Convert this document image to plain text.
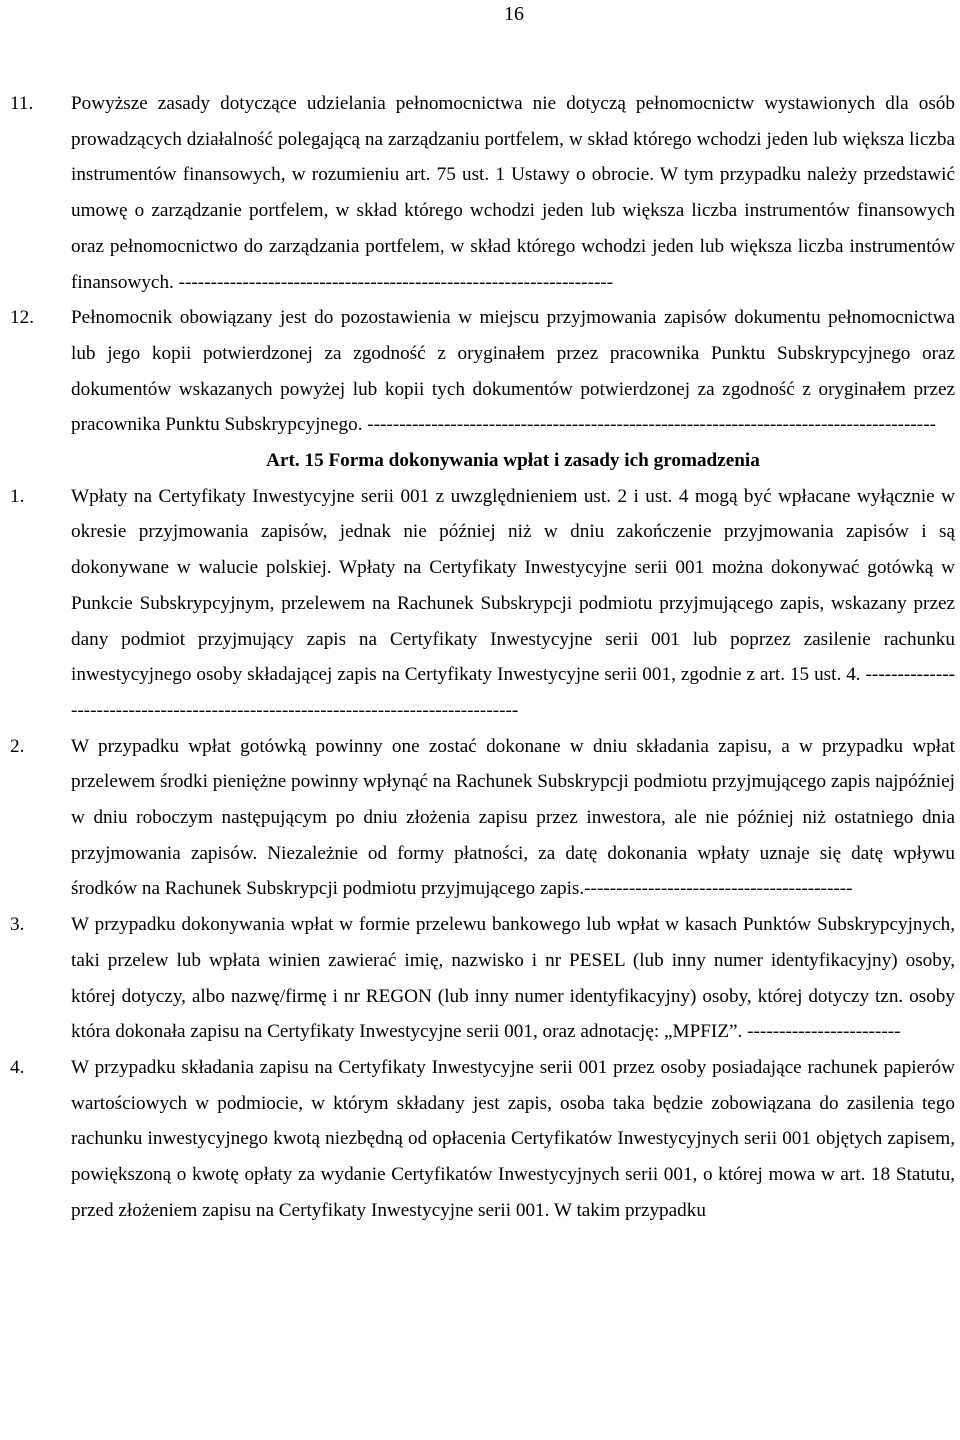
16
11. Powyższe zasady dotyczące udzielania pełnomocnictwa nie dotyczą pełnomocnictw wystawionych dla osób prowadzących działalność polegającą na zarządzaniu portfelem, w skład którego wchodzi jeden lub większa liczba instrumentów finansowych, w rozumieniu art. 75 ust. 1 Ustawy o obrocie. W tym przypadku należy przedstawić umowę o zarządzanie portfelem, w skład którego wchodzi jeden lub większa liczba instrumentów finansowych oraz pełnomocnictwo do zarządzania portfelem, w skład którego wchodzi jeden lub większa liczba instrumentów finansowych. --------------------------------------------------------------------

12. Pełnomocnik obowiązany jest do pozostawienia w miejscu przyjmowania zapisów dokumentu pełnomocnictwa lub jego kopii potwierdzonej za zgodność z oryginałem przez pracownika Punktu Subskrypcyjnego oraz dokumentów wskazanych powyżej lub kopii tych dokumentów potwierdzonej za zgodność z oryginałem przez pracownika Punktu Subskrypcyjnego. -----------------------------------------------------------------------------------------

Art. 15 Forma dokonywania wpłat i zasady ich gromadzenia
1. Wpłaty na Certyfikaty Inwestycyjne serii 001 z uwzględnieniem ust. 2 i ust. 4 mogą być wpłacane wyłącznie w okresie przyjmowania zapisów, jednak nie później niż w dniu zakończenie przyjmowania zapisów i są dokonywane w walucie polskiej. Wpłaty na Certyfikaty Inwestycyjne serii 001 można dokonywać gotówką w Punkcie Subskrypcyjnym, przelewem na Rachunek Subskrypcji podmiotu przyjmującego zapis, wskazany przez dany podmiot przyjmujący zapis na Certyfikaty Inwestycyjne serii 001 lub poprzez zasilenie rachunku inwestycyjnego osoby składającej zapis na Certyfikaty Inwestycyjne serii 001, zgodnie z art. 15 ust. 4. ------------------------------------------------------------------------------------

2. W przypadku wpłat gotówką powinny one zostać dokonane w dniu składania zapisu, a w przypadku wpłat przelewem środki pieniężne powinny wpłynąć na Rachunek Subskrypcji podmiotu przyjmującego zapis najpóźniej w dniu roboczym następującym po dniu złożenia zapisu przez inwestora, ale nie później niż ostatniego dnia przyjmowania zapisów. Niezależnie od formy płatności, za datę dokonania wpłaty uznaje się datę wpływu środków na Rachunek Subskrypcji podmiotu przyjmującego zapis.------------------------------------------

3. W przypadku dokonywania wpłat w formie przelewu bankowego lub wpłat w kasach Punktów Subskrypcyjnych, taki przelew lub wpłata winien zawierać imię, nazwisko i nr PESEL (lub inny numer identyfikacyjny) osoby, której dotyczy, albo nazwę/firmę i nr REGON (lub inny numer identyfikacyjny) osoby, której dotyczy tzn. osoby która dokonała zapisu na Certyfikaty Inwestycyjne serii 001, oraz adnotację: „MPFIZ”. ------------------------

4. W przypadku składania zapisu na Certyfikaty Inwestycyjne serii 001 przez osoby posiadające rachunek papierów wartościowych w podmiocie, w którym składany jest zapis, osoba taka będzie zobowiązana do zasilenia tego rachunku inwestycyjnego kwotą niezbędną od opłacenia Certyfikatów Inwestycyjnych serii 001 objętych zapisem, powiększoną o kwotę opłaty za wydanie Certyfikatów Inwestycyjnych serii 001, o której mowa w art. 18 Statutu, przed złożeniem zapisu na Certyfikaty Inwestycyjne serii 001. W takim przypadku
